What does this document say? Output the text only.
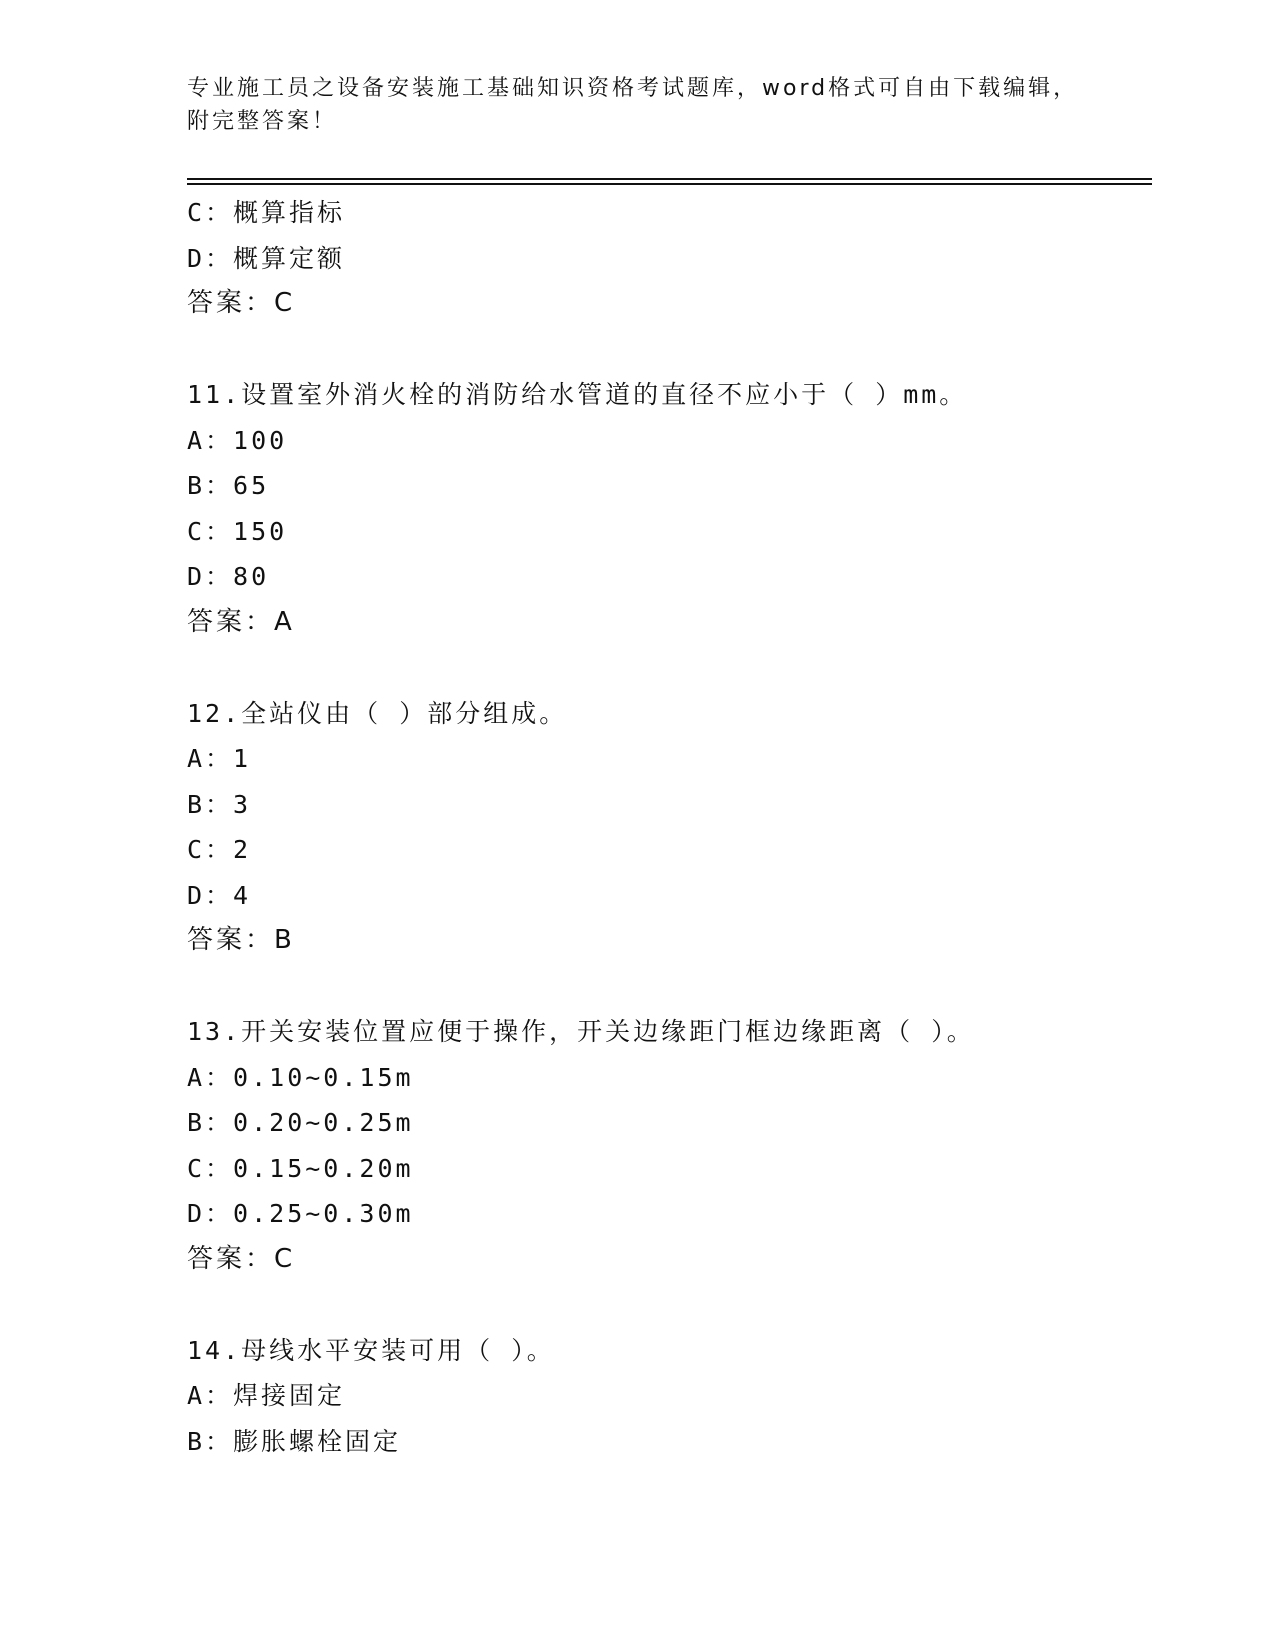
专业施工员之设备安装施工基础知识资格考试题库，word格式可自由下载编辑，
附完整答案！
C：概算指标
D：概算定额
答案：C
11.设置室外消火栓的消防给水管道的直径不应小于（ ）mm。
A：100
B：65
C：150
D：80
答案：A
12.全站仪由（ ）部分组成。
A：1
B：3
C：2
D：4
答案：B
13.开关安装位置应便于操作，开关边缘距门框边缘距离（ ）。
A：0.10~0.15m
B：0.20~0.25m
C：0.15~0.20m
D：0.25~0.30m
答案：C
14.母线水平安装可用（ ）。
A：焊接固定
B：膨胀螺栓固定
